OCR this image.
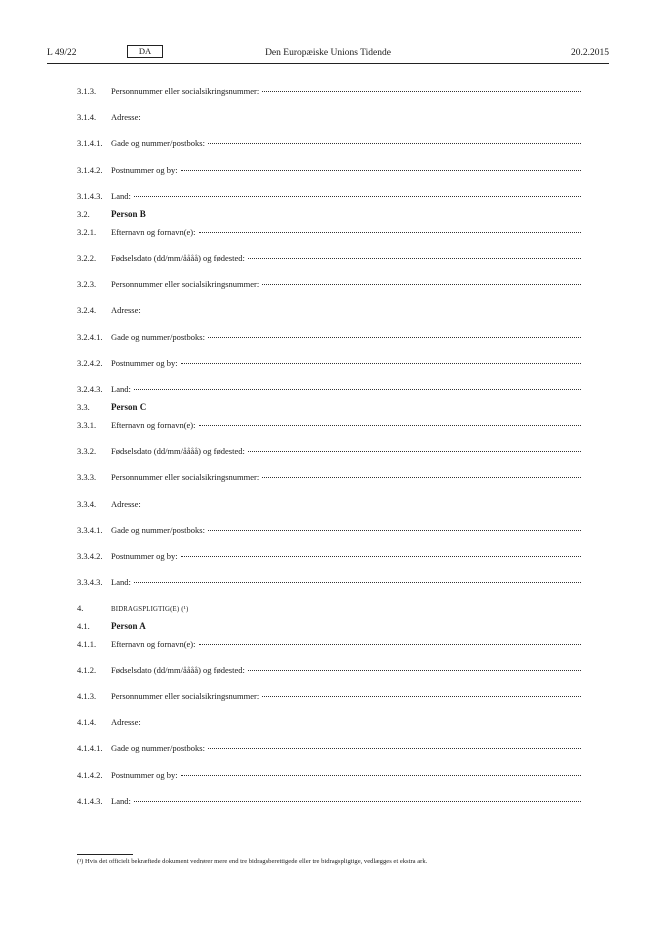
L 49/22	DA	Den Europæiske Unions Tidende	20.2.2015
3.1.3.	Personnummer eller socialsikringsnummer:
3.1.4.	Adresse:
3.1.4.1.	Gade og nummer/postboks:
3.1.4.2.	Postnummer og by:
3.1.4.3.	Land:
3.2.	Person B
3.2.1.	Efternavn og fornavn(e):
3.2.2.	Fødselsdato (dd/mm/åååå) og fødested:
3.2.3.	Personnummer eller socialsikringsnummer:
3.2.4.	Adresse:
3.2.4.1.	Gade og nummer/postboks:
3.2.4.2.	Postnummer og by:
3.2.4.3.	Land:
3.3.	Person C
3.3.1.	Efternavn og fornavn(e):
3.3.2.	Fødselsdato (dd/mm/åååå) og fødested:
3.3.3.	Personnummer eller socialsikringsnummer:
3.3.4.	Adresse:
3.3.4.1.	Gade og nummer/postboks:
3.3.4.2.	Postnummer og by:
3.3.4.3.	Land:
4.	BIDRAGSPLIGTIG(E) (¹)
4.1.	Person A
4.1.1.	Efternavn og fornavn(e):
4.1.2.	Fødselsdato (dd/mm/åååå) og fødested:
4.1.3.	Personnummer eller socialsikringsnummer:
4.1.4.	Adresse:
4.1.4.1.	Gade og nummer/postboks:
4.1.4.2.	Postnummer og by:
4.1.4.3.	Land:
(¹) Hvis det officielt bekræftede dokument vedrører mere end tre bidragsberettigede eller tre bidragspligtige, vedlægges et ekstra ark.
